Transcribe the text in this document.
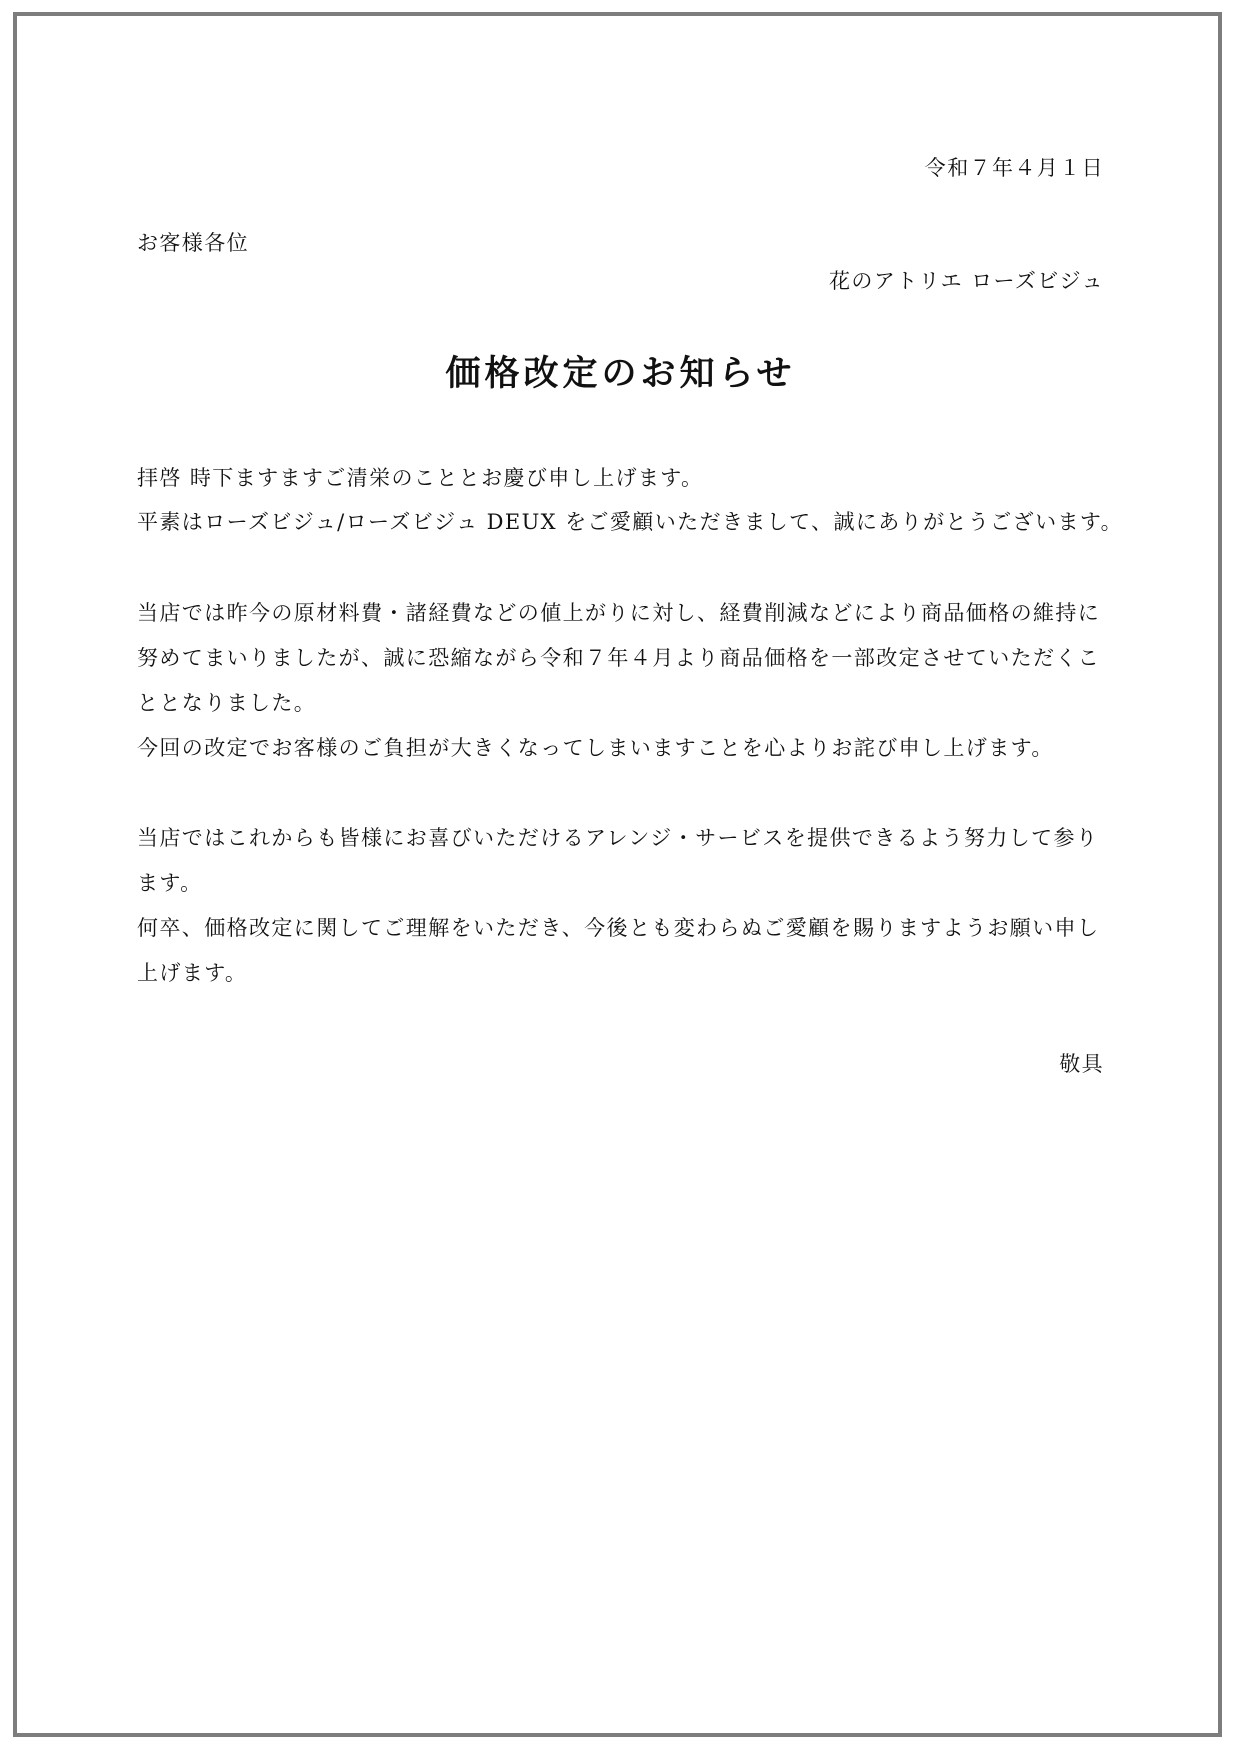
令和７年４月１日
お客様各位
花のアトリエ ローズビジュ
価格改定のお知らせ
拝啓 時下ますますご清栄のこととお慶び申し上げます。
平素はローズビジュ/ローズビジュ DEUX をご愛顧いただきまして、誠にありがとうございます。
当店では昨今の原材料費・諸経費などの値上がりに対し、経費削減などにより商品価格の維持に
努めてまいりましたが、誠に恐縮ながら令和７年４月より商品価格を一部改定させていただくこ
ととなりました。
今回の改定でお客様のご負担が大きくなってしまいますことを心よりお詫び申し上げます。
当店ではこれからも皆様にお喜びいただけるアレンジ・サービスを提供できるよう努力して参り
ます。
何卒、価格改定に関してご理解をいただき、今後とも変わらぬご愛顧を賜りますようお願い申し
上げます。
敬具
